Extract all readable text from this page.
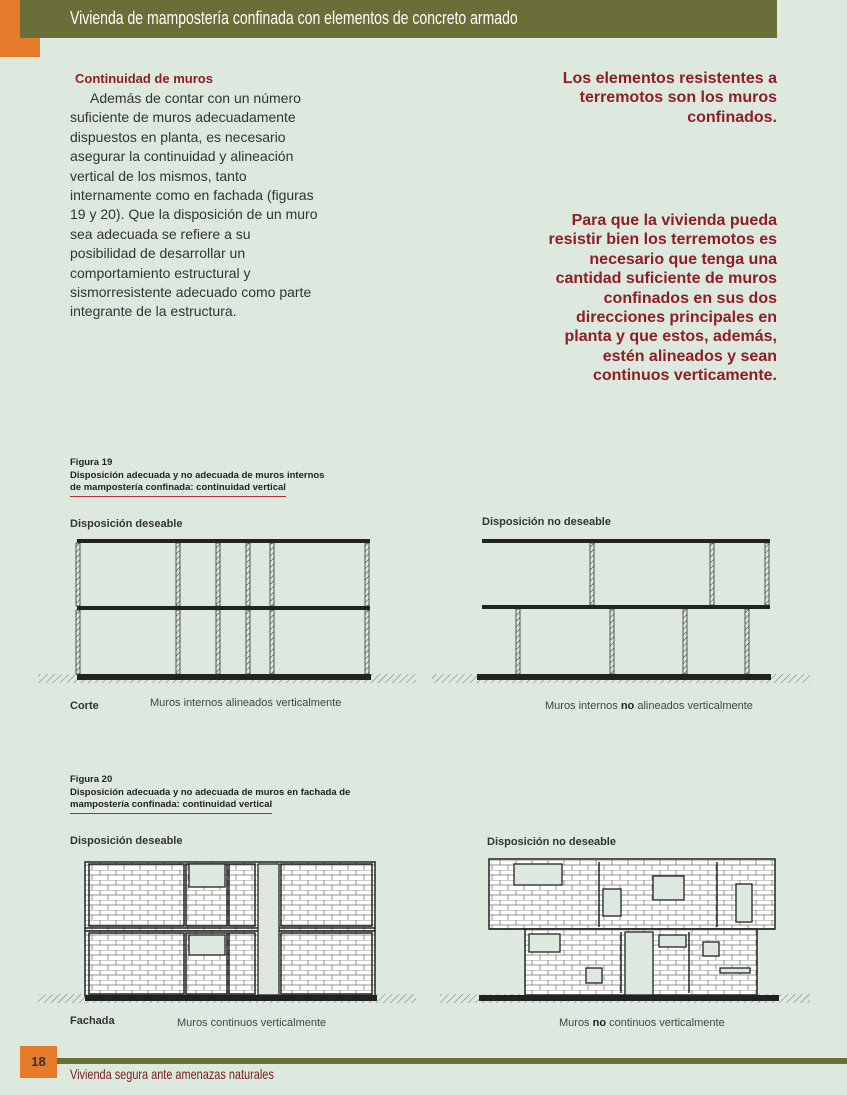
Vivienda de mampostería confinada con elementos de concreto armado
Continuidad de muros

Además de contar con un número suficiente de muros adecuadamente dispuestos en planta, es necesario asegurar la continuidad y alineación vertical de los mismos, tanto internamente como en fachada (figuras 19 y 20). Que la disposición de un muro sea adecuada se refiere a su posibilidad de desarrollar un comportamiento estructural y sismorresistente adecuado como parte integrante de la estructura.

Los elementos resistentes a terremotos son los muros confinados.
Para que la vivienda pueda resistir bien los terremotos es necesario que tenga una cantidad suficiente de muros confinados en sus dos direcciones principales en planta y que estos, además, estén alineados y sean continuos verticamente.
Figura 19
Disposición adecuada y no adecuada de muros internos
de mampostería confinada: continuidad vertical
Disposición deseable	Disposición no deseable
Corte	Muros internos alineados verticalmente	Muros internos no alineados verticalmente
Figura 20
Disposición adecuada y no adecuada de muros en fachada de
mampostería confinada: continuidad vertical
Disposición deseable	Disposición no deseable
Fachada	Muros continuos verticalmente	Muros no continuos verticalmente
18
Vivienda segura ante amenazas naturales
